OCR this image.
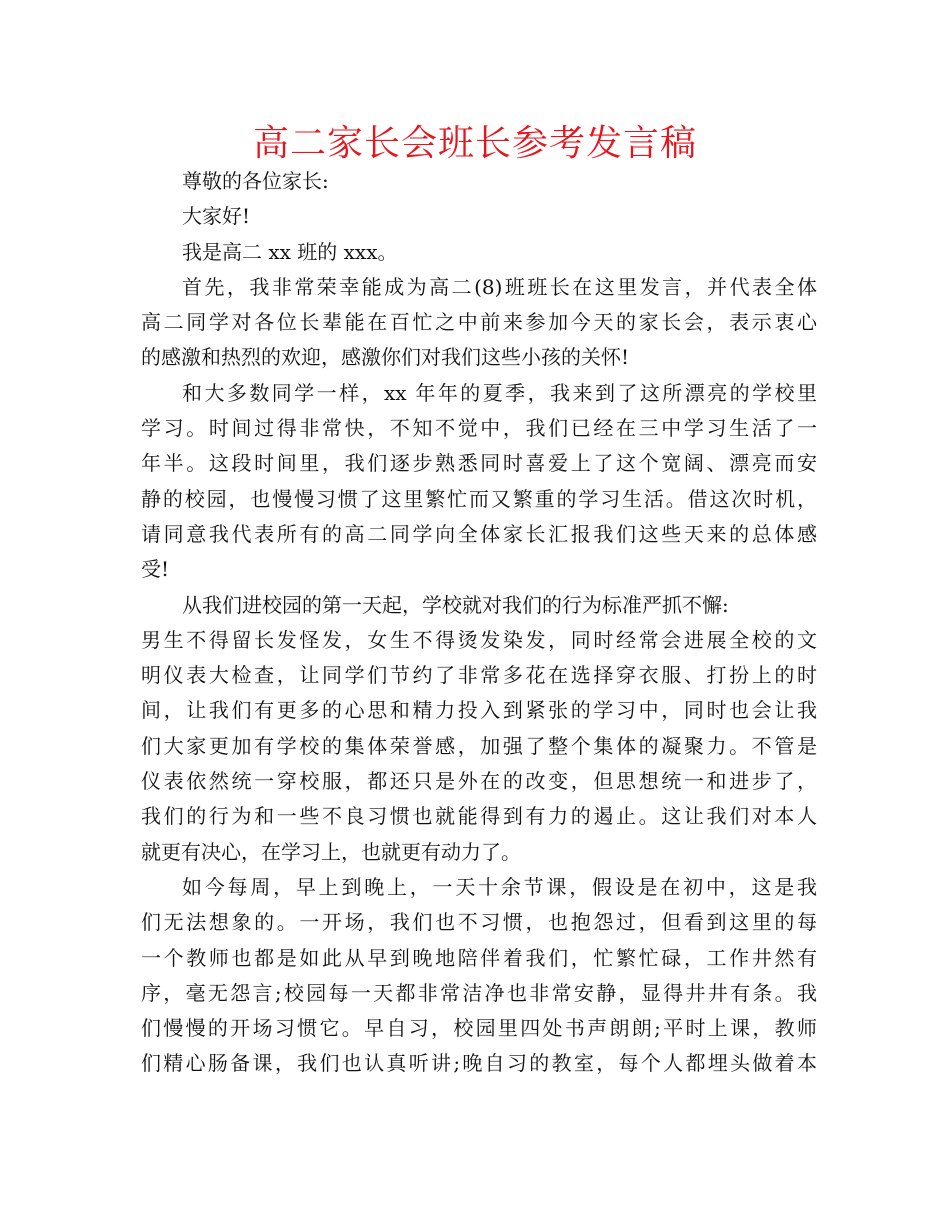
高二家长会班长参考发言稿
尊敬的各位家长:
大家好!
我是高二 xx 班的 xxx。
首先，我非常荣幸能成为高二(8)班班长在这里发言，并代表全体
高二同学对各位长辈能在百忙之中前来参加今天的家长会，表示衷心
的感激和热烈的欢迎，感激你们对我们这些小孩的关怀!
和大多数同学一样，xx 年年的夏季，我来到了这所漂亮的学校里
学习。时间过得非常快，不知不觉中，我们已经在三中学习生活了一
年半。这段时间里，我们逐步熟悉同时喜爱上了这个宽阔、漂亮而安
静的校园，也慢慢习惯了这里繁忙而又繁重的学习生活。借这次时机，
请同意我代表所有的高二同学向全体家长汇报我们这些天来的总体感
受!
从我们进校园的第一天起，学校就对我们的行为标准严抓不懈:
男生不得留长发怪发，女生不得烫发染发，同时经常会进展全校的文
明仪表大检查，让同学们节约了非常多花在选择穿衣服、打扮上的时
间，让我们有更多的心思和精力投入到紧张的学习中，同时也会让我
们大家更加有学校的集体荣誉感，加强了整个集体的凝聚力。不管是
仪表依然统一穿校服，都还只是外在的改变，但思想统一和进步了，
我们的行为和一些不良习惯也就能得到有力的遏止。这让我们对本人
就更有决心，在学习上，也就更有动力了。
如今每周，早上到晚上，一天十余节课，假设是在初中，这是我
们无法想象的。一开场，我们也不习惯，也抱怨过，但看到这里的每
一个教师也都是如此从早到晚地陪伴着我们，忙繁忙碌，工作井然有
序，毫无怨言;校园每一天都非常洁净也非常安静，显得井井有条。我
们慢慢的开场习惯它。早自习，校园里四处书声朗朗;平时上课，教师
们精心肠备课，我们也认真听讲;晚自习的教室，每个人都埋头做着本
